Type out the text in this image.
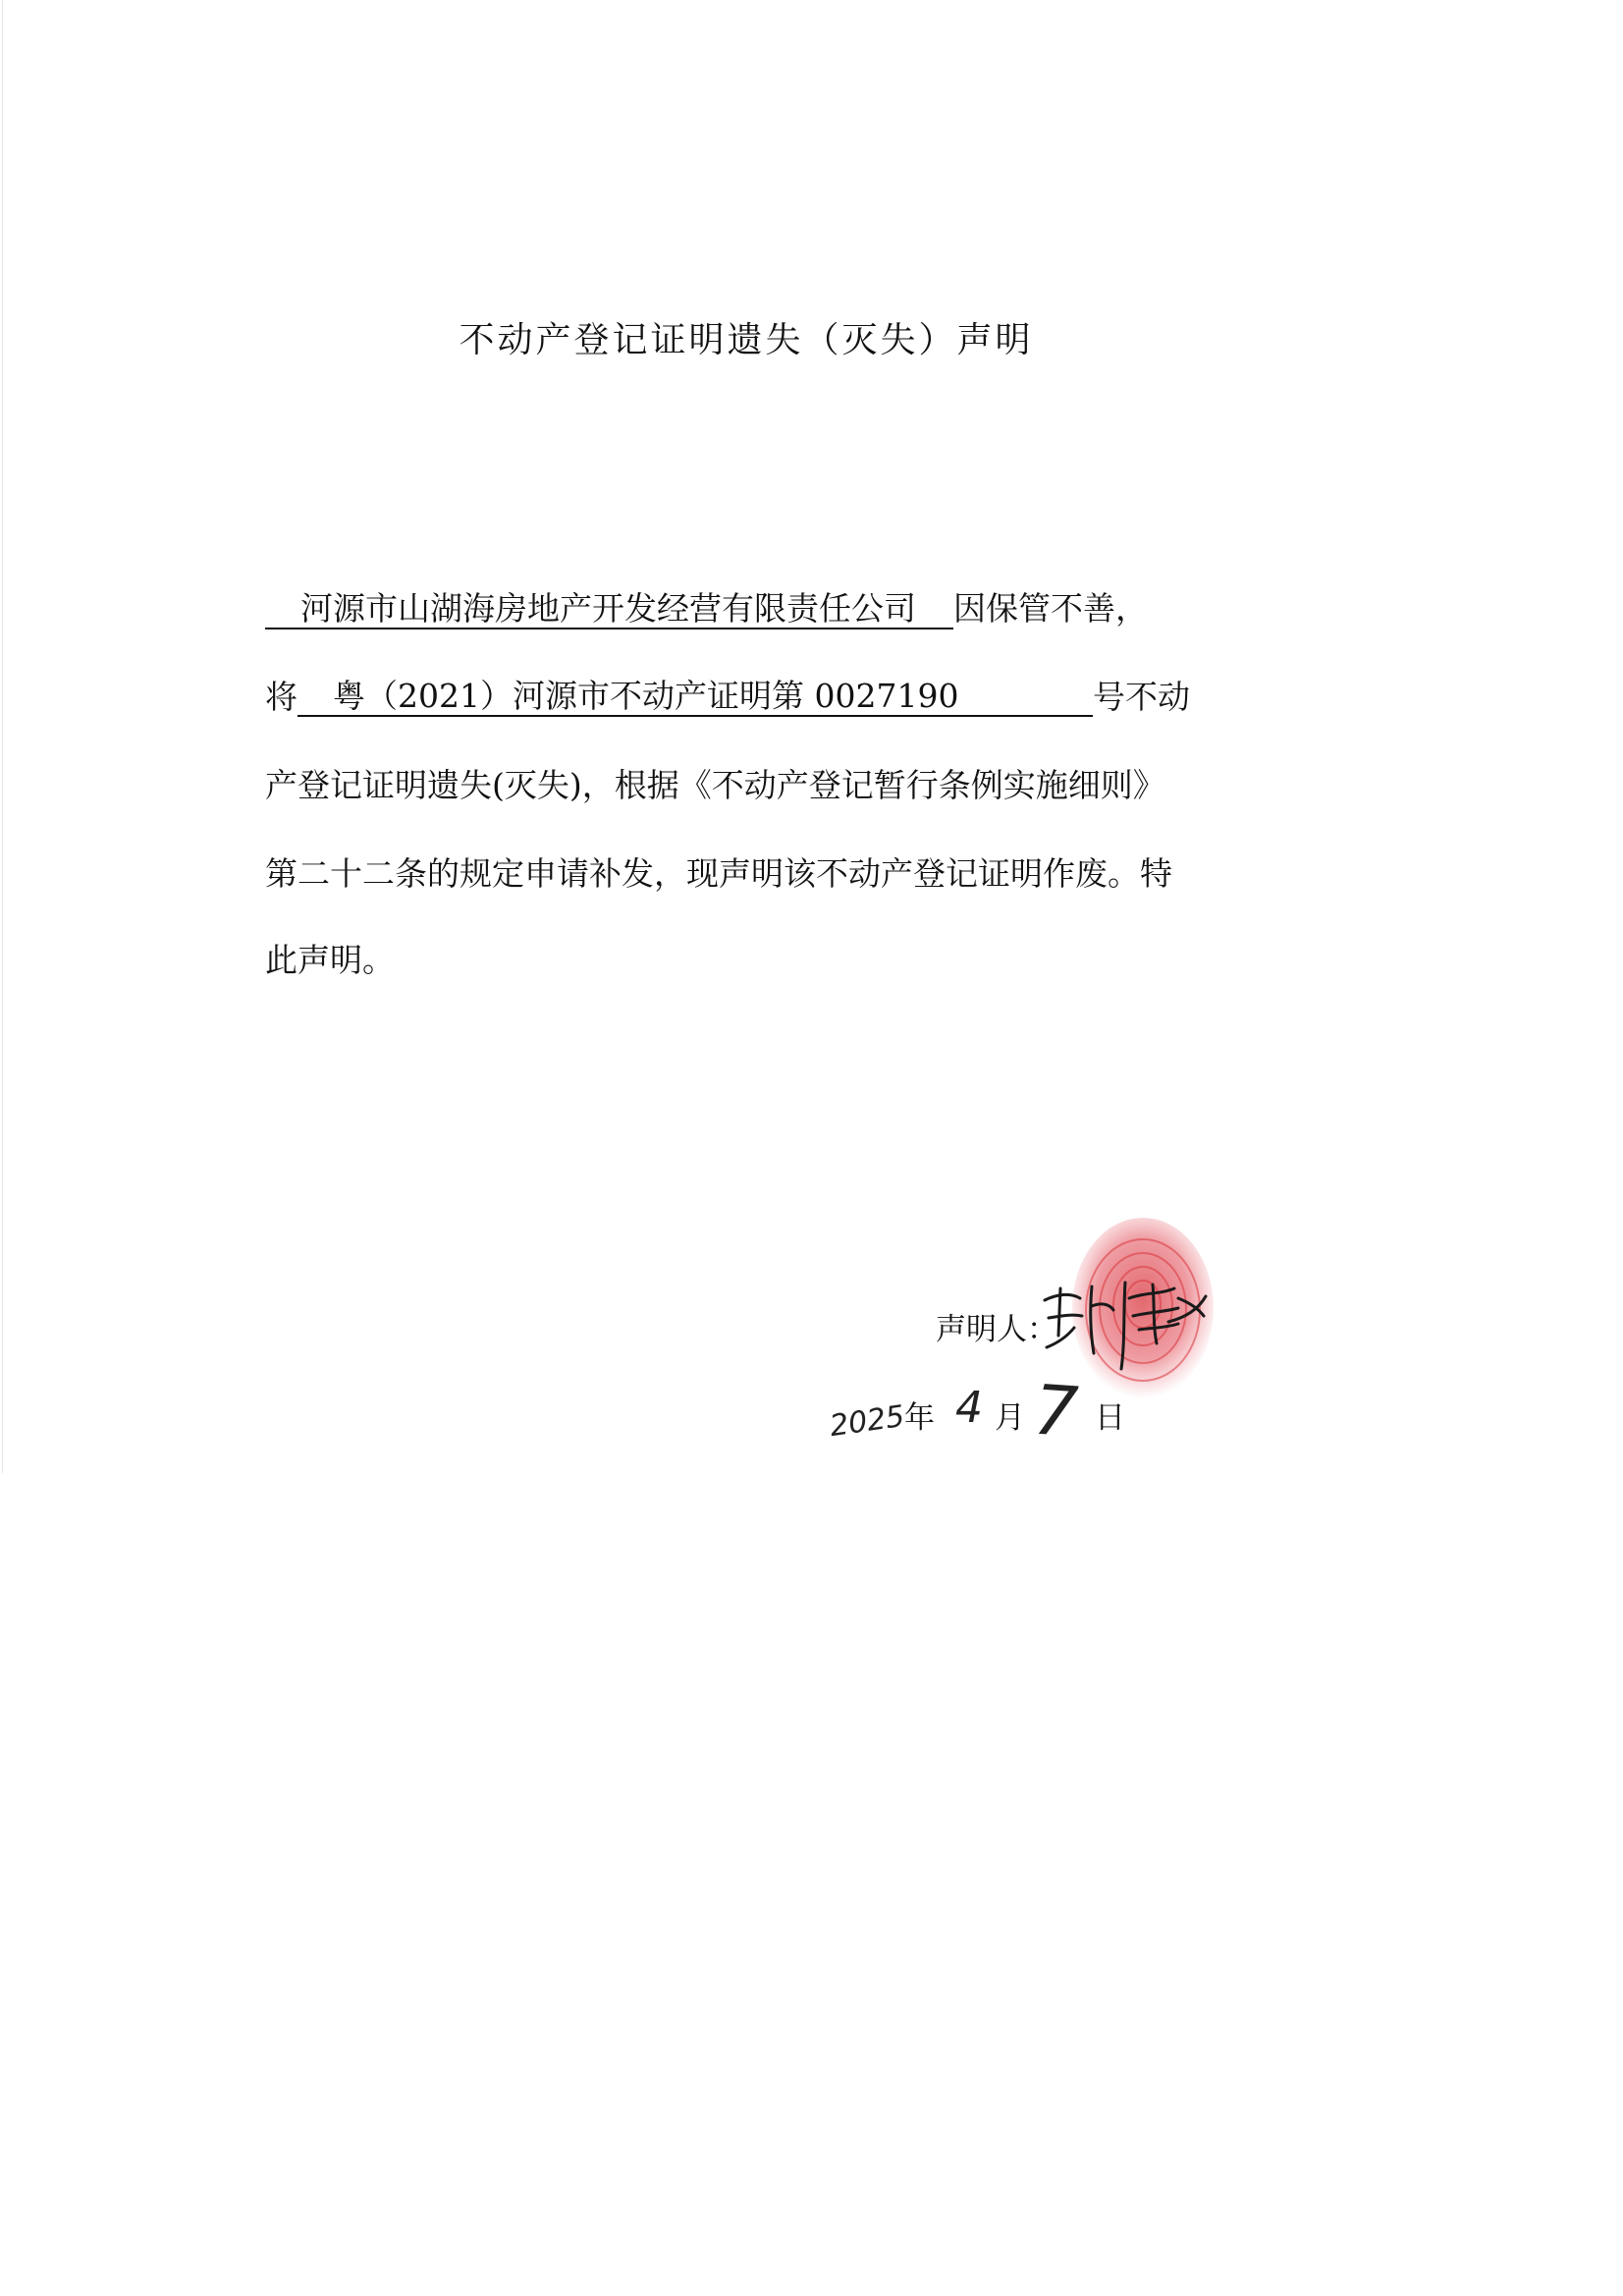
不动产登记证明遗失（灭失）声明
河源市山湖海房地产开发经营有限责任公司 因保管不善，
将 粤（2021）河源市不动产证明第 0027190	号不动
产登记证明遗失(灭失)，根据《不动产登记暂行条例实施细则》
第二十二条的规定申请补发，现声明该不动产登记证明作废。特
此声明。
声明人：
2025
年 4 月 7 日
